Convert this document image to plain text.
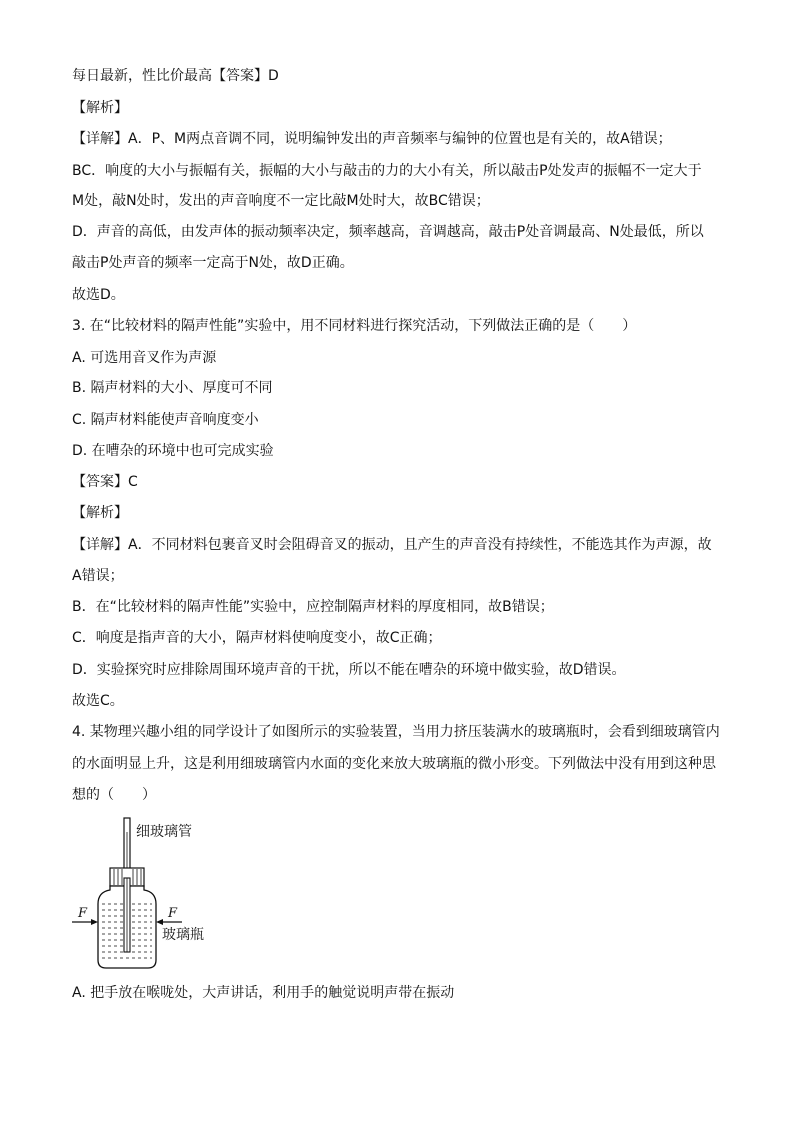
每日最新，性比价最高【答案】D
【解析】
【详解】A．P、M两点音调不同，说明编钟发出的声音频率与编钟的位置也是有关的，故A错误；
BC．响度的大小与振幅有关，振幅的大小与敲击的力的大小有关，所以敲击P处发声的振幅不一定大于
M处，敲N处时，发出的声音响度不一定比敲M处时大，故BC错误；
D．声音的高低，由发声体的振动频率决定，频率越高，音调越高，敲击P处音调最高、N处最低，所以
敲击P处声音的频率一定高于N处，故D正确。
故选D。
3. 在“比较材料的隔声性能”实验中，用不同材料进行探究活动，下列做法正确的是（　　）
A. 可选用音叉作为声源
B. 隔声材料的大小、厚度可不同
C. 隔声材料能使声音响度变小
D. 在嘈杂的环境中也可完成实验
【答案】C
【解析】
【详解】A．不同材料包裹音叉时会阻碍音叉的振动，且产生的声音没有持续性，不能选其作为声源，故
A错误；
B．在“比较材料的隔声性能”实验中，应控制隔声材料的厚度相同，故B错误；
C．响度是指声音的大小，隔声材料使响度变小，故C正确；
D．实验探究时应排除周围环境声音的干扰，所以不能在嘈杂的环境中做实验，故D错误。
故选C。
4. 某物理兴趣小组的同学设计了如图所示的实验装置，当用力挤压装满水的玻璃瓶时，会看到细玻璃管内
的水面明显上升，这是利用细玻璃管内水面的变化来放大玻璃瓶的微小形变。下列做法中没有用到这种思
想的（　　）
F	F
细玻璃管
玻璃瓶
A. 把手放在喉咙处，大声讲话，利用手的触觉说明声带在振动
